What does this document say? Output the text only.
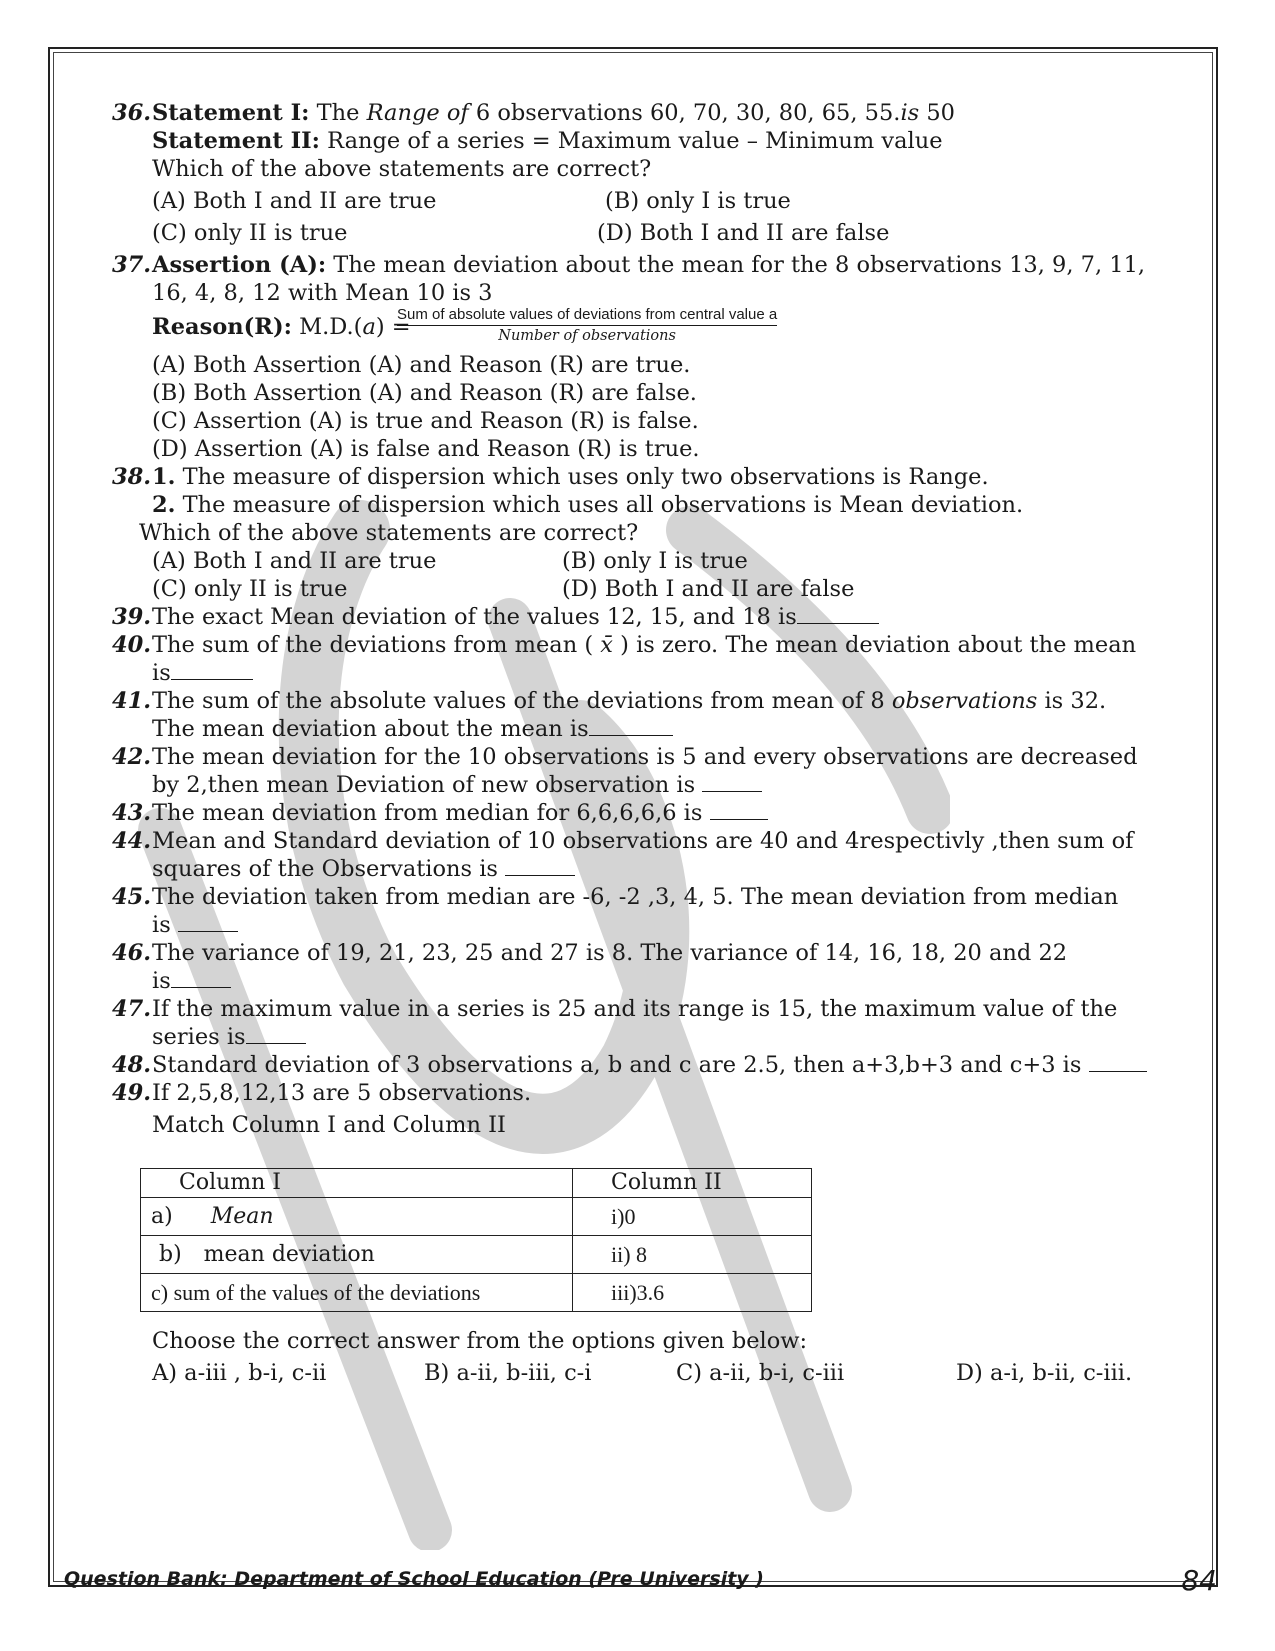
36. Statement I: The Range of 6 observations 60, 70, 30, 80, 65, 55.is 50
Statement II: Range of a series = Maximum value – Minimum value
Which of the above statements are correct?
(A) Both I and II are true	(B) only I is true
(C) only II is true	(D) Both I and II are false
37. Assertion (A): The mean deviation about the mean for the 8 observations 13, 9, 7, 11,
16, 4, 8, 12 with Mean 10 is 3
Reason(R): M.D.(a) =
Sum of absolute values of deviations from central value a
Number of observations
(A) Both Assertion (A) and Reason (R) are true.
(B) Both Assertion (A) and Reason (R) are false.
(C) Assertion (A) is true and Reason (R) is false.
(D) Assertion (A) is false and Reason (R) is true.
38. 1. The measure of dispersion which uses only two observations is Range.
2. The measure of dispersion which uses all observations is Mean deviation.
Which of the above statements are correct?
(A) Both I and II are true	(B) only I is true
(C) only II is true	(D) Both I and II are false
39. The exact Mean deviation of the values 12, 15, and 18 is
40. The sum of the deviations from mean ( x̄ ) is zero. The mean deviation about the mean
is
41. The sum of the absolute values of the deviations from mean of 8 observations is 32.
The mean deviation about the mean is
42. The mean deviation for the 10 observations is 5 and every observations are decreased
by 2,then mean Deviation of new observation is
43. The mean deviation from median for 6,6,6,6,6 is
44. Mean and Standard deviation of 10 observations are 40 and 4respectivly ,then sum of
squares of the Observations is
45. The deviation taken from median are -6, -2 ,3, 4, 5. The mean deviation from median
is
46. The variance of 19, 21, 23, 25 and 27 is 8. The variance of 14, 16, 18, 20 and 22
is
47. If the maximum value in a series is 25 and its range is 15, the maximum value of the
series is
48. Standard deviation of 3 observations a, b and c are 2.5, then a+3,b+3 and c+3 is
49. If 2,5,8,12,13 are 5 observations.
Match Column I and Column II
Column I	Column II
a) Mean	i)0
b) mean deviation	ii) 8
c) sum of the values of the deviations	iii)3.6
Choose the correct answer from the options given below:
A) a-iii , b-i, c-ii	B) a-ii, b-iii, c-i	C) a-ii, b-i, c-iii	D) a-i, b-ii, c-iii.
Question Bank: Department of School Education (Pre University )	84
